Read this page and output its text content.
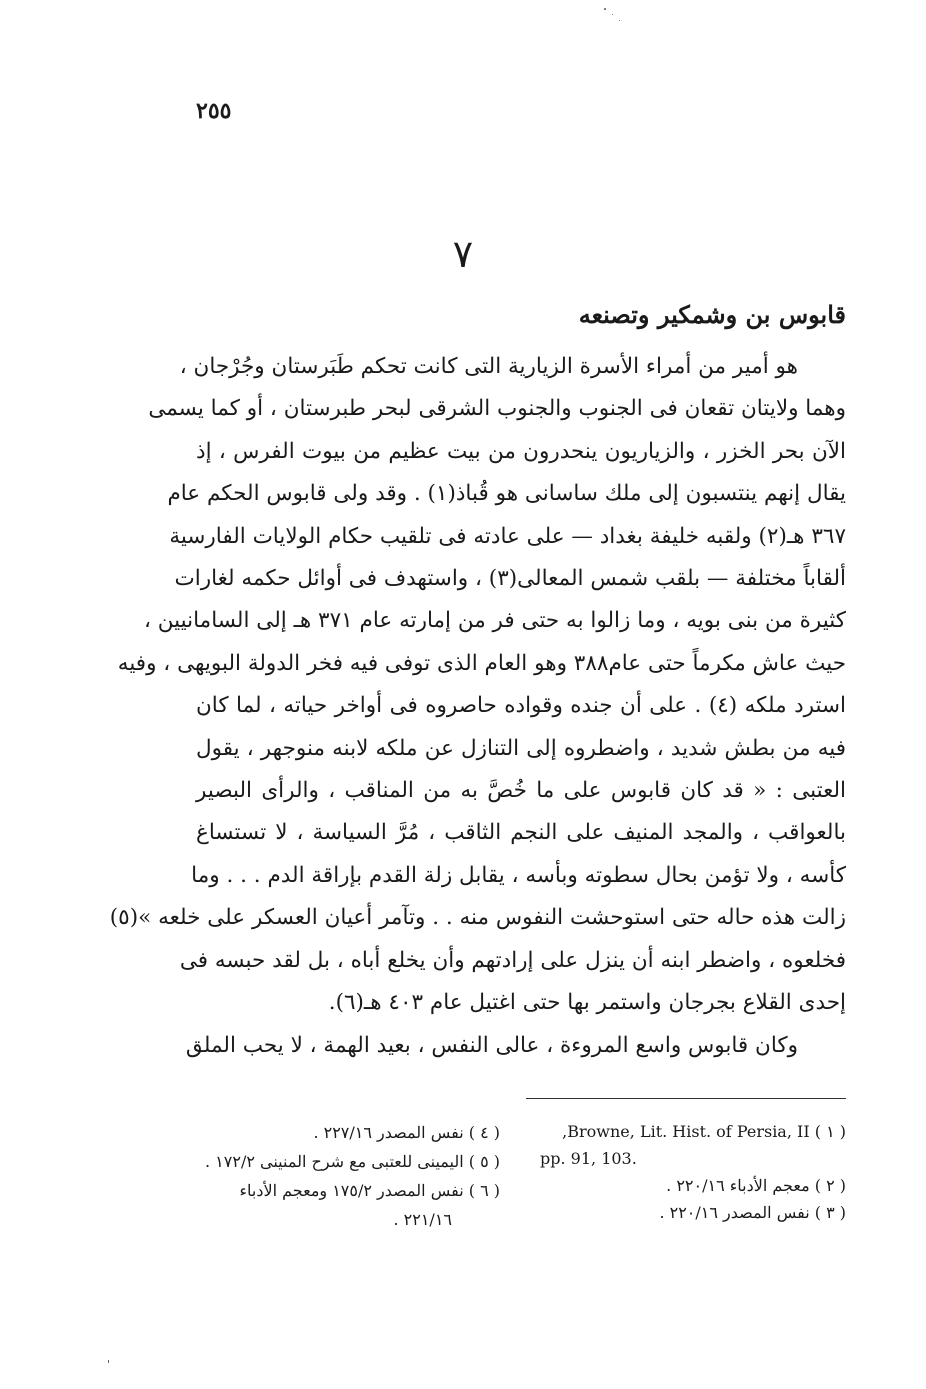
٢٥٥
٧
قابوس بن وشمكير وتصنعه
هو أمير من أمراء الأسرة الزيارية التى كانت تحكم طَبَرستان وجُرْجان ،
وهما ولايتان تقعان فى الجنوب والجنوب الشرقى لبحر طبرستان ، أو كما يسمى
الآن بحر الخزر ، والزياريون ينحدرون من بيت عظيم من بيوت الفرس ، إذ
يقال إنهم ينتسبون إلى ملك ساسانى هو قُباذ(١) . وقد ولى قابوس الحكم عام
٣٦٧ هـ(٢) ولقبه خليفة بغداد — على عادته فى تلقيب حكام الولايات الفارسية
ألقاباً مختلفة — بلقب شمس المعالى(٣) ، واستهدف فى أوائل حكمه لغارات
كثيرة من بنى بويه ، وما زالوا به حتى فر من إمارته عام ٣٧١ هـ إلى السامانيين ،
حيث عاش مكرماً حتى عام٣٨٨ وهو العام الذى توفى فيه فخر الدولة البويهى ، وفيه
استرد ملكه (٤) . على أن جنده وقواده حاصروه فى أواخر حياته ، لما كان
فيه من بطش شديد ، واضطروه إلى التنازل عن ملكه لابنه منوجهر ، يقول
العتبى : « قد كان قابوس على ما خُصَّ به من المناقب ، والرأى البصير
بالعواقب ، والمجد المنيف على النجم الثاقب ، مُرَّ السياسة ، لا تستساغ
كأسه ، ولا تؤمن بحال سطوته وبأسه ، يقابل زلة القدم بإراقة الدم . . . وما
زالت هذه حاله حتى استوحشت النفوس منه . . وتآمر أعيان العسكر على خلعه »(٥)
فخلعوه ، واضطر ابنه أن ينزل على إرادتهم وأن يخلع أباه ، بل لقد حبسه فى
إحدى القلاع بجرجان واستمر بها حتى اغتيل عام ٤٠٣ هـ(٦).
وكان قابوس واسع المروءة ، عالى النفس ، بعيد الهمة ، لا يحب الملق
( ١ ) Browne, Lit. Hist. of Persia, II,
pp. 91, 103.
( ٢ ) معجم الأدباء ٢٢٠/١٦ .
( ٣ ) نفس المصدر ٢٢٠/١٦ .
( ٤ ) نفس المصدر ٢٢٧/١٦ .
( ٥ ) اليمينى للعتبى مع شرح المنينى ١٧٢/٢ .
( ٦ ) نفس المصدر ١٧٥/٢ ومعجم الأدباء
٢٢١/١٦ .
